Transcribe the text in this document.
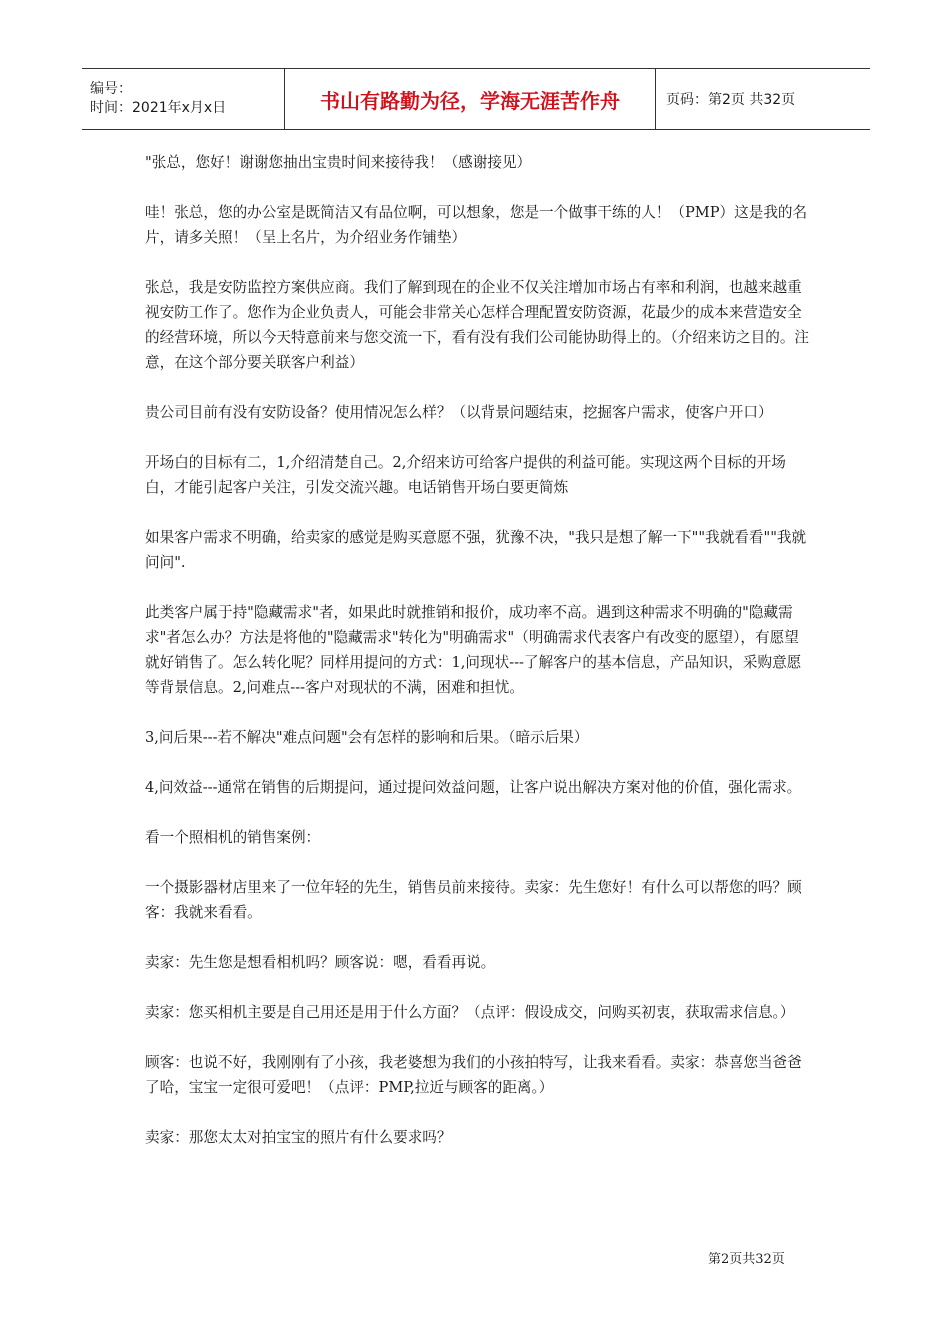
编号：
时间：2021年x月x日	书山有路勤为径，学海无涯苦作舟	页码：第2页 共32页

"张总，您好！谢谢您抽出宝贵时间来接待我！（感谢接见）

哇！张总，您的办公室是既简洁又有品位啊，可以想象，您是一个做事干练的人！（PMP）这是我的名片，请多关照！（呈上名片，为介绍业务作铺垫）

张总，我是安防监控方案供应商。我们了解到现在的企业不仅关注增加市场占有率和利润，也越来越重视安防工作了。您作为企业负责人，可能会非常关心怎样合理配置安防资源，花最少的成本来营造安全的经营环境，所以今天特意前来与您交流一下，看有没有我们公司能协助得上的。（介绍来访之目的。注意，在这个部分要关联客户利益）

贵公司目前有没有安防设备？使用情况怎么样？（以背景问题结束，挖掘客户需求，使客户开口）

开场白的目标有二，1,介绍清楚自己。2,介绍来访可给客户提供的利益可能。实现这两个目标的开场白，才能引起客户关注，引发交流兴趣。电话销售开场白要更简炼

如果客户需求不明确，给卖家的感觉是购买意愿不强，犹豫不决，"我只是想了解一下""我就看看""我就问问".

此类客户属于持"隐藏需求"者，如果此时就推销和报价，成功率不高。遇到这种需求不明确的"隐藏需求"者怎么办？方法是将他的"隐藏需求"转化为"明确需求"（明确需求代表客户有改变的愿望），有愿望就好销售了。怎么转化呢？同样用提问的方式：1,问现状---了解客户的基本信息，产品知识，采购意愿等背景信息。2,问难点---客户对现状的不满，困难和担忧。

3,问后果---若不解决"难点问题"会有怎样的影响和后果。（暗示后果）

4,问效益---通常在销售的后期提问，通过提问效益问题，让客户说出解决方案对他的价值，强化需求。

看一个照相机的销售案例：

一个摄影器材店里来了一位年轻的先生，销售员前来接待。卖家：先生您好！有什么可以帮您的吗？顾客：我就来看看。

卖家：先生您是想看相机吗？顾客说：嗯，看看再说。

卖家：您买相机主要是自己用还是用于什么方面？（点评：假设成交，问购买初衷，获取需求信息。）

顾客：也说不好，我刚刚有了小孩，我老婆想为我们的小孩拍特写，让我来看看。卖家：恭喜您当爸爸了哈，宝宝一定很可爱吧！（点评：PMP,拉近与顾客的距离。）

卖家：那您太太对拍宝宝的照片有什么要求吗？

第2页共32页
